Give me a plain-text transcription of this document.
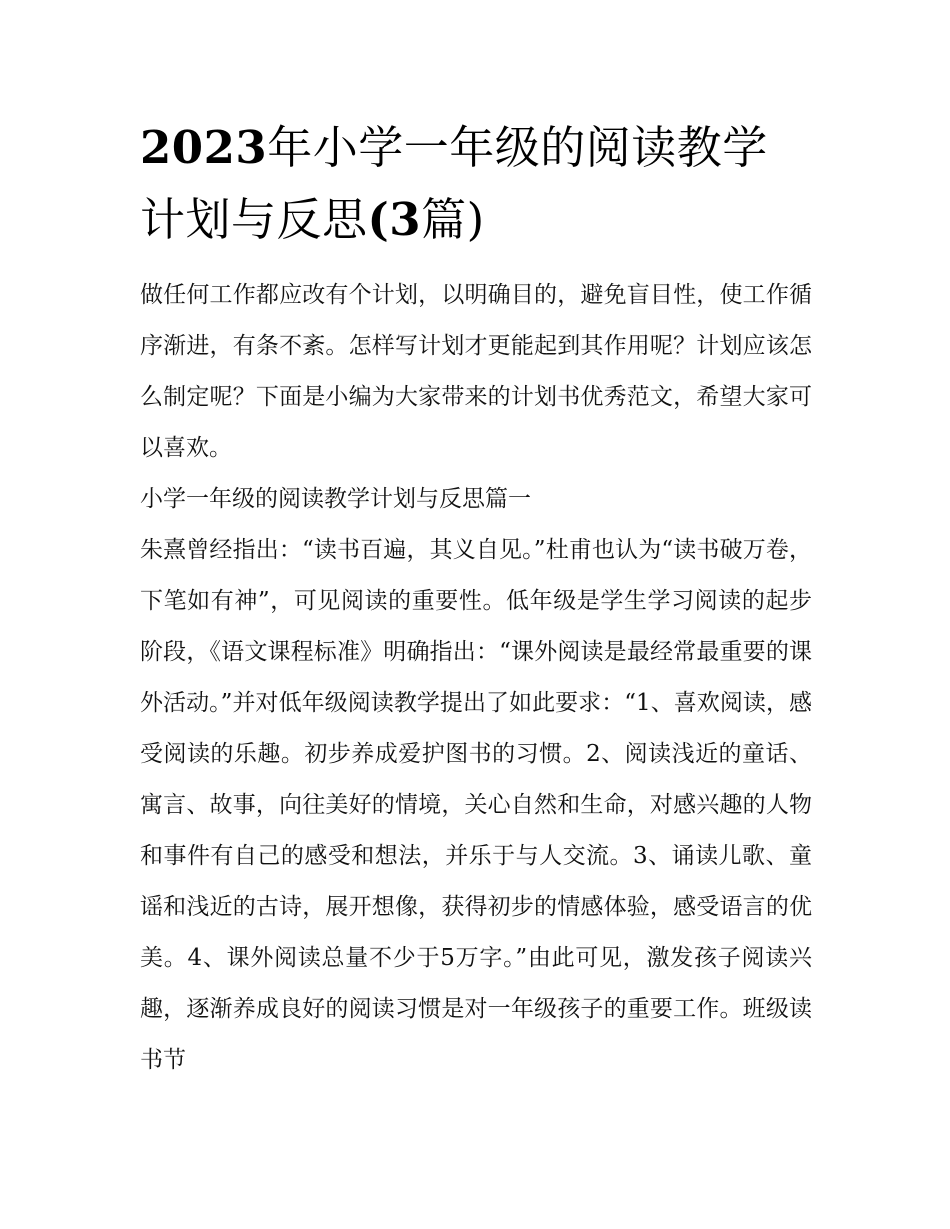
2023年小学一年级的阅读教学
计划与反思(3篇)

做任何工作都应改有个计划，以明确目的，避免盲目性，使工作循序渐进，有条不紊。怎样写计划才更能起到其作用呢？计划应该怎么制定呢？下面是小编为大家带来的计划书优秀范文，希望大家可以喜欢。

小学一年级的阅读教学计划与反思篇一

朱熹曾经指出：“读书百遍，其义自见。”杜甫也认为“读书破万卷，下笔如有神”，可见阅读的重要性。低年级是学生学习阅读的起步阶段，《语文课程标准》明确指出：“课外阅读是最经常最重要的课外活动。”并对低年级阅读教学提出了如此要求：“1、喜欢阅读，感受阅读的乐趣。初步养成爱护图书的习惯。2、阅读浅近的童话、寓言、故事，向往美好的情境，关心自然和生命，对感兴趣的人物和事件有自己的感受和想法，并乐于与人交流。3、诵读儿歌、童谣和浅近的古诗，展开想像，获得初步的情感体验，感受语言的优美。4、课外阅读总量不少于5万字。”由此可见，激发孩子阅读兴趣，逐渐养成良好的阅读习惯是对一年级孩子的重要工作。班级读书节
